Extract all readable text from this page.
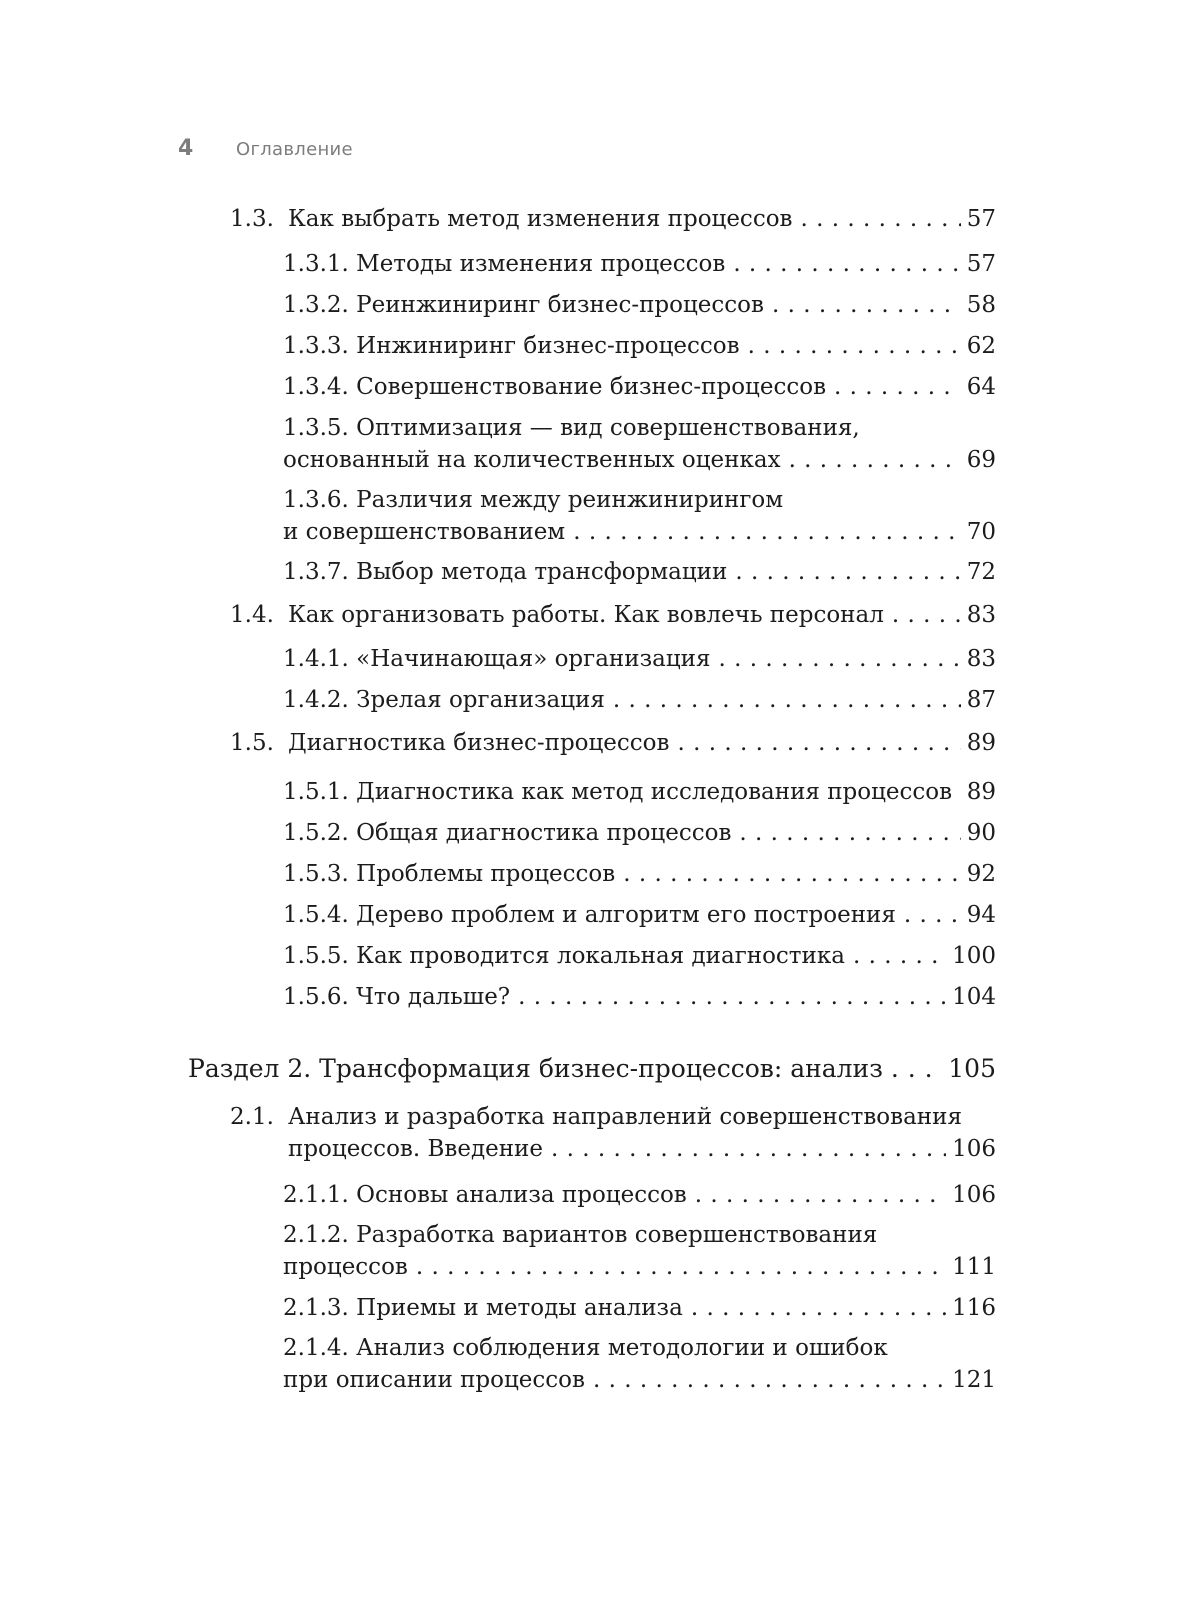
4	Оглавление
1.3. Как выбрать метод изменения процессов . . .	57
1.3.1. Методы изменения процессов . . .	57
1.3.2. Реинжиниринг бизнес-процессов . . .	58
1.3.3. Инжиниринг бизнес-процессов . . .	62
1.3.4. Совершенствование бизнес-процессов . . .	64
1.3.5. Оптимизация — вид совершенствования,
основанный на количественных оценках . . .	69
1.3.6. Различия между реинжинирингом
и совершенствованием . . .	70
1.3.7. Выбор метода трансформации . . .	72
1.4. Как организовать работы. Как вовлечь персонал . . .	83
1.4.1. «Начинающая» организация . . .	83
1.4.2. Зрелая организация . . .	87
1.5. Диагностика бизнес-процессов . . .	89
1.5.1. Диагностика как метод исследования процессов . . . 89
1.5.2. Общая диагностика процессов . . .	90
1.5.3. Проблемы процессов . . .	92
1.5.4. Дерево проблем и алгоритм его построения . . .	94
1.5.5. Как проводится локальная диагностика . . .	100
1.5.6. Что дальше? . . .	104
Раздел 2. Трансформация бизнес-процессов: анализ . . .	105
2.1. Анализ и разработка направлений совершенствования
процессов. Введение . . .	106
2.1.1. Основы анализа процессов . . .	106
2.1.2. Разработка вариантов совершенствования
процессов . . .	111
2.1.3. Приемы и методы анализа . . .	116
2.1.4. Анализ соблюдения методологии и ошибок
при описании процессов . . .	121
